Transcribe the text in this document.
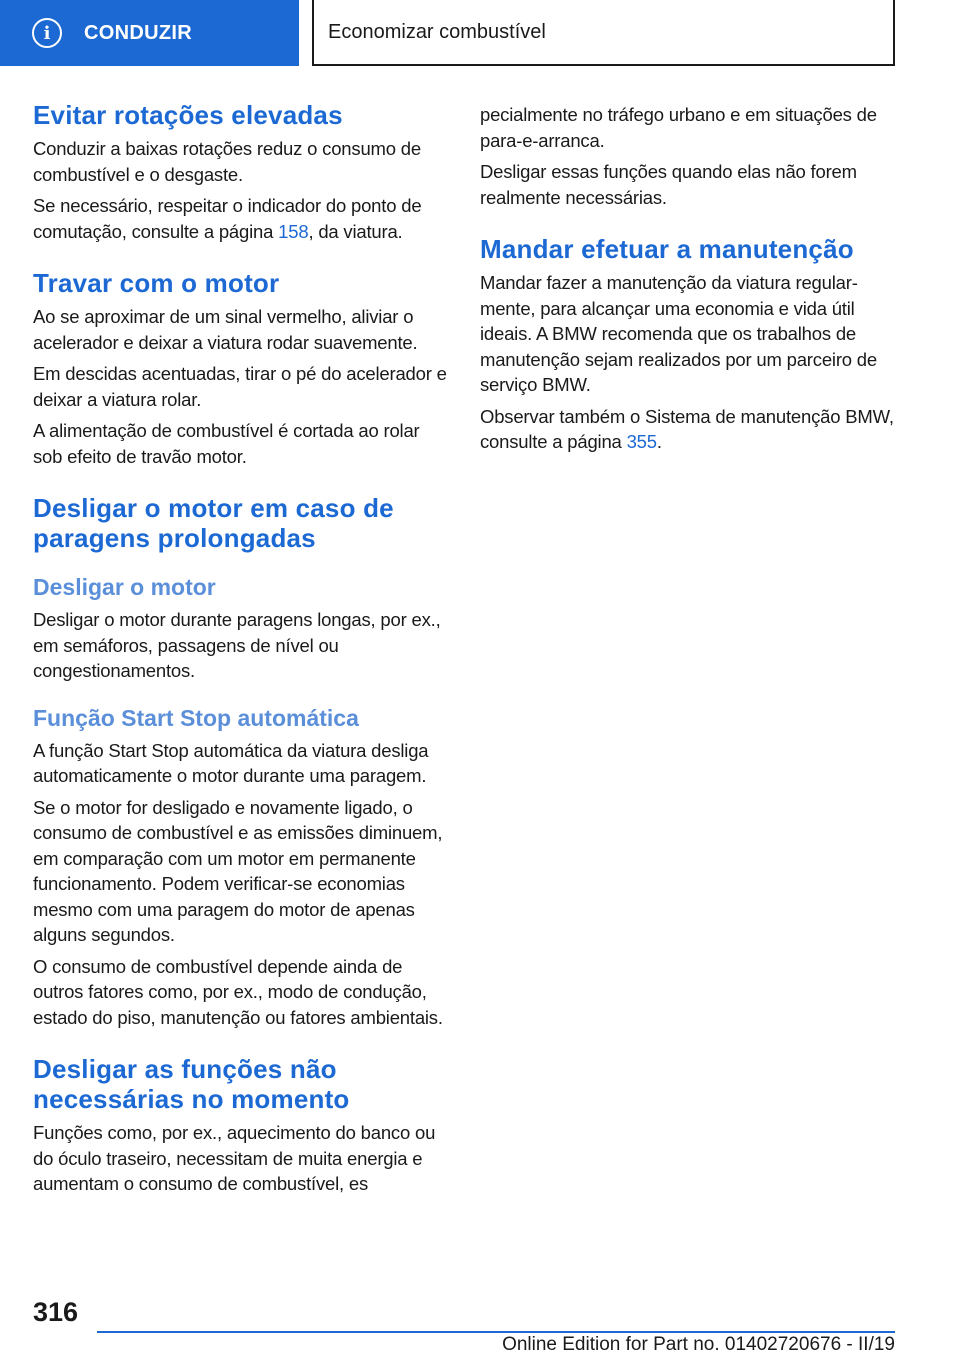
i	CONDUZIR	Economizar combustível
Evitar rotações elevadas

Conduzir a baixas rotações reduz o consumo de combustível e o desgaste.

Se necessário, respeitar o indicador do ponto de comutação, consulte a página 158, da viatura.

Travar com o motor

Ao se aproximar de um sinal vermelho, aliviar o acelerador e deixar a viatura rodar suavemente.

Em descidas acentuadas, tirar o pé do acelerador e deixar a viatura rolar.

A alimentação de combustível é cortada ao rolar sob efeito de travão motor.

Desligar o motor em caso de paragens prolongadas
Desligar o motor

Desligar o motor durante paragens longas, por ex., em semáforos, passagens de nível ou congestionamentos.

Função Start Stop automática

A função Start Stop automática da viatura desliga automaticamente o motor durante uma paragem.

Se o motor for desligado e novamente ligado, o consumo de combustível e as emissões diminuem, em comparação com um motor em permanente funcionamento. Podem verificar-se economias mesmo com uma paragem do motor de apenas alguns segundos.

O consumo de combustível depende ainda de outros fatores como, por ex., modo de condução, estado do piso, manutenção ou fatores ambientais.

Desligar as funções não necessárias no momento

Funções como, por ex., aquecimento do banco ou do óculo traseiro, necessitam de muita energia e aumentam o consumo de combustível, es

pecialmente no tráfego urbano e em situações de para-e-arranca.

Desligar essas funções quando elas não forem realmente necessárias.

Mandar efetuar a manutenção

Mandar fazer a manutenção da viatura regularmente, para alcançar uma economia e vida útil ideais. A BMW recomenda que os trabalhos de manutenção sejam realizados por um parceiro de serviço BMW.

Observar também o Sistema de manutenção BMW, consulte a página 355.

316
Online Edition for Part no. 01402720676 - II/19
